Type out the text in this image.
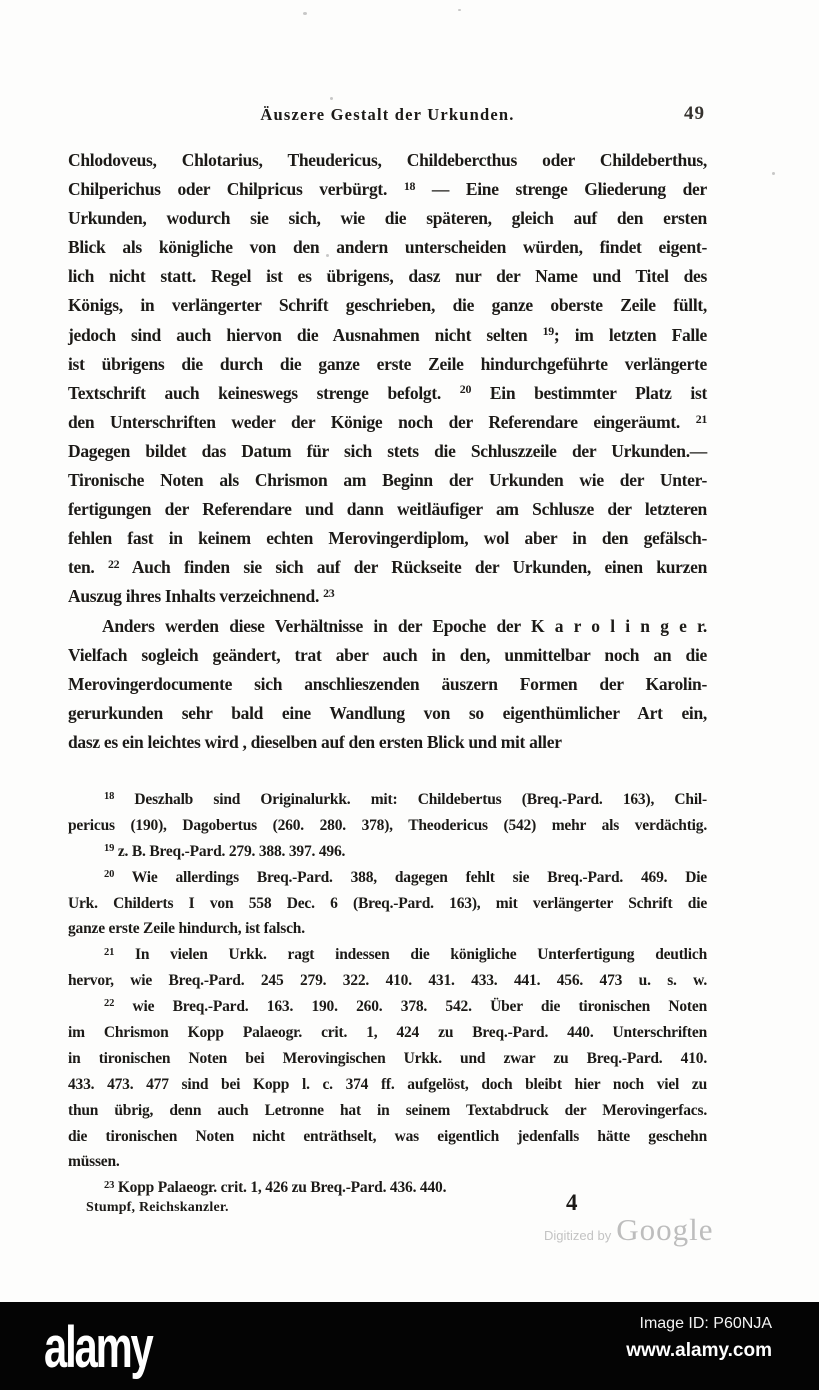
Äuszere Gestalt der Urkunden.	49
Chlodoveus, Chlotarius, Theudericus, Childebercthus oder Childeberthus,
Chilperichus oder Chilpricus verbürgt. $^{18}$ — Eine strenge Gliederung der
Urkunden, wodurch sie sich, wie die späteren, gleich auf den ersten
Blick als königliche von den andern unterscheiden würden, findet eigent-
lich nicht statt. Regel ist es übrigens, dasz nur der Name und Titel des
Königs, in verlängerter Schrift geschrieben, die ganze oberste Zeile füllt,
jedoch sind auch hiervon die Ausnahmen nicht selten $^{19}$; im letzten Falle
ist übrigens die durch die ganze erste Zeile hindurchgeführte verlängerte
Textschrift auch keineswegs strenge befolgt. $^{20}$ Ein bestimmter Platz ist
den Unterschriften weder der Könige noch der Referendare eingeräumt. $^{21}$
Dagegen bildet das Datum für sich stets die Schluszzeile der Urkunden.—
Tironische Noten als Chrismon am Beginn der Urkunden wie der Unter-
fertigungen der Referendare und dann weitläufiger am Schlusze der letzteren
fehlen fast in keinem echten Merovingerdiplom, wol aber in den gefälsch-
ten. $^{22}$ Auch finden sie sich auf der Rückseite der Urkunden, einen kurzen
Auszug ihres Inhalts verzeichnend. $^{23}$
Anders werden diese Verhältnisse in der Epoche der K a r o l i n g e r.
Vielfach sogleich geändert, trat aber auch in den, unmittelbar noch an die
Merovingerdocumente sich anschlieszenden äuszern Formen der Karolin-
gerurkunden sehr bald eine Wandlung von so eigenthümlicher Art ein,
dasz es ein leichtes wird , dieselben auf den ersten Blick und mit aller
$^{18}$ Deszhalb sind Originalurkk. mit: Childebertus (Breq.-Pard. 163), Chil-
pericus (190), Dagobertus (260. 280. 378), Theodericus (542) mehr als verdächtig.
$^{19}$ z. B. Breq.-Pard. 279. 388. 397. 496.
$^{20}$ Wie allerdings Breq.-Pard. 388, dagegen fehlt sie Breq.-Pard. 469. Die
Urk. Childerts I von 558 Dec. 6 (Breq.-Pard. 163), mit verlängerter Schrift die
ganze erste Zeile hindurch, ist falsch.
$^{21}$ In vielen Urkk. ragt indessen die königliche Unterfertigung deutlich
hervor, wie Breq.-Pard. 245 279. 322. 410. 431. 433. 441. 456. 473 u. s. w.
$^{22}$ wie Breq.-Pard. 163. 190. 260. 378. 542. Über die tironischen Noten
im Chrismon Kopp Palaeogr. crit. 1, 424 zu Breq.-Pard. 440. Unterschriften
in tironischen Noten bei Merovingischen Urkk. und zwar zu Breq.-Pard. 410.
433. 473. 477 sind bei Kopp l. c. 374 ff. aufgelöst, doch bleibt hier noch viel zu
thun übrig, denn auch Letronne hat in seinem Textabdruck der Merovingerfacs.
die tironischen Noten nicht enträthselt, was eigentlich jedenfalls hätte geschehn
müssen.
$^{23}$ Kopp Palaeogr. crit. 1, 426 zu Breq.-Pard. 436. 440.
Stumpf, Reichskanzler.	4
Digitized by Google
alamy	Image ID: P60NJA
www.alamy.com
